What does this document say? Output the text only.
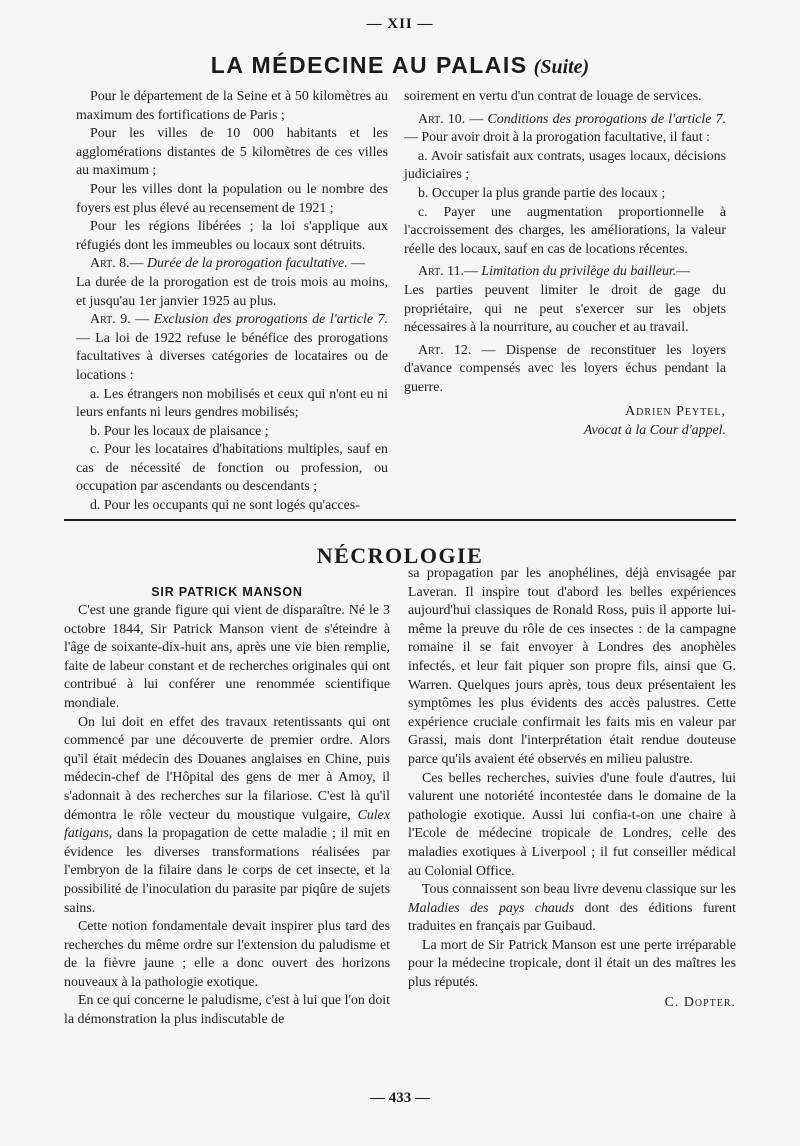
— XII —
LA MÉDECINE AU PALAIS (Suite)

Pour le département de la Seine et à 50 kilomètres au maximum des fortifications de Paris ;

Pour les villes de 10 000 habitants et les agglomérations distantes de 5 kilomètres de ces villes au maximum ;

Pour les villes dont la population ou le nombre des foyers est plus élevé au recensement de 1921 ;

Pour les régions libérées ; la loi s'applique aux réfugiés dont les immeubles ou locaux sont détruits.

Art. 8.— Durée de la prorogation facultative. —

La durée de la prorogation est de trois mois au moins, et jusqu'au 1er janvier 1925 au plus.

Art. 9. — Exclusion des prorogations de l'article 7. — La loi de 1922 refuse le bénéfice des prorogations facultatives à diverses catégories de locataires ou de locations :

a. Les étrangers non mobilisés et ceux qui n'ont eu ni leurs enfants ni leurs gendres mobilisés;

b. Pour les locaux de plaisance ;

c. Pour les locataires d'habitations multiples, sauf en cas de nécessité de fonction ou profession, ou occupation par ascendants ou descendants ;

d. Pour les occupants qui ne sont logés qu'acces-

soirement en vertu d'un contrat de louage de services.

Art. 10. — Conditions des prorogations de l'article 7. — Pour avoir droit à la prorogation facultative, il faut :

a. Avoir satisfait aux contrats, usages locaux, décisions judiciaires ;

b. Occuper la plus grande partie des locaux ;

c. Payer une augmentation proportionnelle à l'accroissement des charges, les améliorations, la valeur réelle des locaux, sauf en cas de locations récentes.

Art. 11.— Limitation du privilège du bailleur.—

Les parties peuvent limiter le droit de gage du propriétaire, qui ne peut s'exercer sur les objets nécessaires à la nourriture, au coucher et au travail.

Art. 12. — Dispense de reconstituer les loyers d'avance compensés avec les loyers échus pendant la guerre.

Adrien Peytel,
Avocat à la Cour d'appel.
NÉCROLOGIE
SIR PATRICK MANSON

C'est une grande figure qui vient de disparaître. Né le 3 octobre 1844, Sir Patrick Manson vient de s'éteindre à l'âge de soixante-dix-huit ans, après une vie bien remplie, faite de labeur constant et de recherches originales qui ont contribué à lui conférer une renommée scientifique mondiale.

On lui doit en effet des travaux retentissants qui ont commencé par une découverte de premier ordre. Alors qu'il était médecin des Douanes anglaises en Chine, puis médecin-chef de l'Hôpital des gens de mer à Amoy, il s'adonnait à des recherches sur la filariose. C'est là qu'il démontra le rôle vecteur du moustique vulgaire, Culex fatigans, dans la propagation de cette maladie ; il mit en évidence les diverses transformations réalisées par l'embryon de la filaire dans le corps de cet insecte, et la possibilité de l'inoculation du parasite par piqûre de sujets sains.

Cette notion fondamentale devait inspirer plus tard des recherches du même ordre sur l'extension du paludisme et de la fièvre jaune ; elle a donc ouvert des horizons nouveaux à la pathologie exotique.

En ce qui concerne le paludisme, c'est à lui que l'on doit la démonstration la plus indiscutable de

sa propagation par les anophélines, déjà envisagée par Laveran. Il inspire tout d'abord les belles expériences aujourd'hui classiques de Ronald Ross, puis il apporte lui-même la preuve du rôle de ces insectes : de la campagne romaine il se fait envoyer à Londres des anophèles infectés, et leur fait piquer son propre fils, ainsi que G. Warren. Quelques jours après, tous deux présentaient les symptômes les plus évidents des accès palustres. Cette expérience cruciale confirmait les faits mis en valeur par Grassi, mais dont l'interprétation était rendue douteuse parce qu'ils avaient été observés en milieu palustre.

Ces belles recherches, suivies d'une foule d'autres, lui valurent une notoriété incontestée dans le domaine de la pathologie exotique. Aussi lui confia-t-on une chaire à l'Ecole de médecine tropicale de Londres, celle des maladies exotiques à Liverpool ; il fut conseiller médical au Colonial Office.

Tous connaissent son beau livre devenu classique sur les Maladies des pays chauds dont des éditions furent traduites en français par Guibaud.

La mort de Sir Patrick Manson est une perte irréparable pour la médecine tropicale, dont il était un des maîtres les plus réputés.

C. Dopter.
— 433 —
